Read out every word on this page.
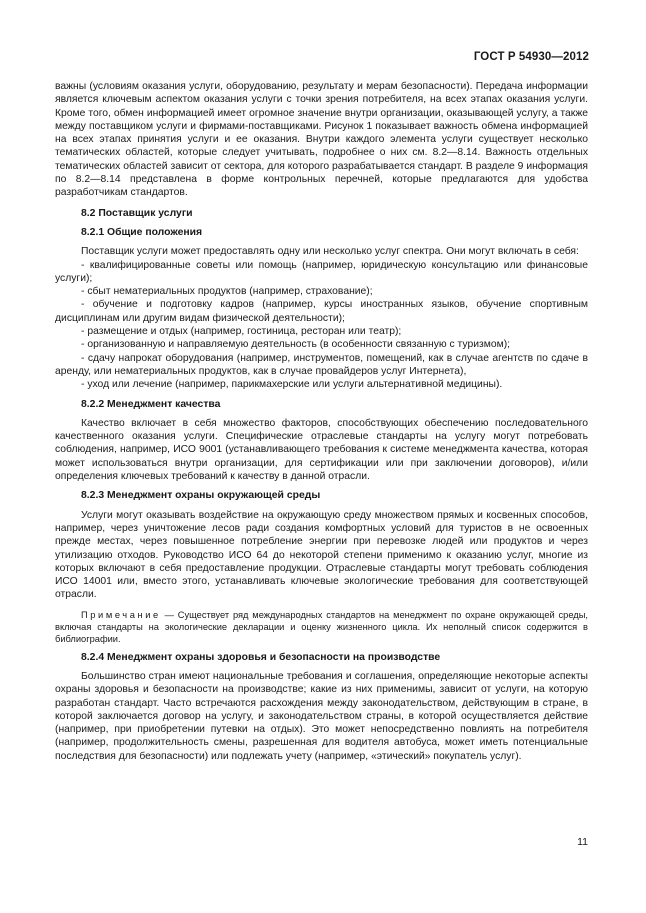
ГОСТ Р 54930—2012

важны (условиям оказания услуги, оборудованию, результату и мерам безопасности). Передача информации является ключевым аспектом оказания услуги с точки зрения потребителя, на всех этапах оказания услуги. Кроме того, обмен информацией имеет огромное значение внутри организации, оказывающей услугу, а также между поставщиком услуги и фирмами-поставщиками. Рисунок 1 показывает важность обмена информацией на всех этапах принятия услуги и ее оказания. Внутри каждого элемента услуги существует несколько тематических областей, которые следует учитывать, подробнее о них см. 8.2—8.14. Важность отдельных тематических областей зависит от сектора, для которого разрабатывается стандарт. В разделе 9 информация по 8.2—8.14 представлена в форме контрольных перечней, которые предлагаются для удобства разработчикам стандартов.

8.2 Поставщик услуги

8.2.1 Общие положения

Поставщик услуги может предоставлять одну или несколько услуг спектра. Они могут включать в себя:

- квалифицированные советы или помощь (например, юридическую консультацию или финансовые услуги);

- сбыт нематериальных продуктов (например, страхование);

- обучение и подготовку кадров (например, курсы иностранных языков, обучение спортивным дисциплинам или другим видам физической деятельности);

- размещение и отдых (например, гостиница, ресторан или театр);

- организованную и направляемую деятельность (в особенности связанную с туризмом);

- сдачу напрокат оборудования (например, инструментов, помещений, как в случае агентств по сдаче в аренду, или нематериальных продуктов, как в случае провайдеров услуг Интернета),

- уход или лечение (например, парикмахерские или услуги альтернативной медицины).

8.2.2 Менеджмент качества

Качество включает в себя множество факторов, способствующих обеспечению последовательного качественного оказания услуги. Специфические отраслевые стандарты на услугу могут потребовать соблюдения, например, ИСО 9001 (устанавливающего требования к системе менеджмента качества, которая может использоваться внутри организации, для сертификации или при заключении договоров), и/или определения ключевых требований к качеству в данной отрасли.

8.2.3 Менеджмент охраны окружающей среды

Услуги могут оказывать воздействие на окружающую среду множеством прямых и косвенных способов, например, через уничтожение лесов ради создания комфортных условий для туристов в не освоенных прежде местах, через повышенное потребление энергии при перевозке людей или продуктов и через утилизацию отходов. Руководство ИСО 64 до некоторой степени применимо к оказанию услуг, многие из которых включают в себя предоставление продукции. Отраслевые стандарты могут требовать соблюдения ИСО 14001 или, вместо этого, устанавливать ключевые экологические требования для соответствующей отрасли.

Примечание — Существует ряд международных стандартов на менеджмент по охране окружающей среды, включая стандарты на экологические декларации и оценку жизненного цикла. Их неполный список содержится в библиографии.

8.2.4 Менеджмент охраны здоровья и безопасности на производстве

Большинство стран имеют национальные требования и соглашения, определяющие некоторые аспекты охраны здоровья и безопасности на производстве; какие из них применимы, зависит от услуги, на которую разработан стандарт. Часто встречаются расхождения между законодательством, действующим в стране, в которой заключается договор на услугу, и законодательством страны, в которой осуществляется действие (например, при приобретении путевки на отдых). Это может непосредственно повлиять на потребителя (например, продолжительность смены, разрешенная для водителя автобуса, может иметь потенциальные последствия для безопасности) или подлежать учету (например, «этический» покупатель услуг).

11
